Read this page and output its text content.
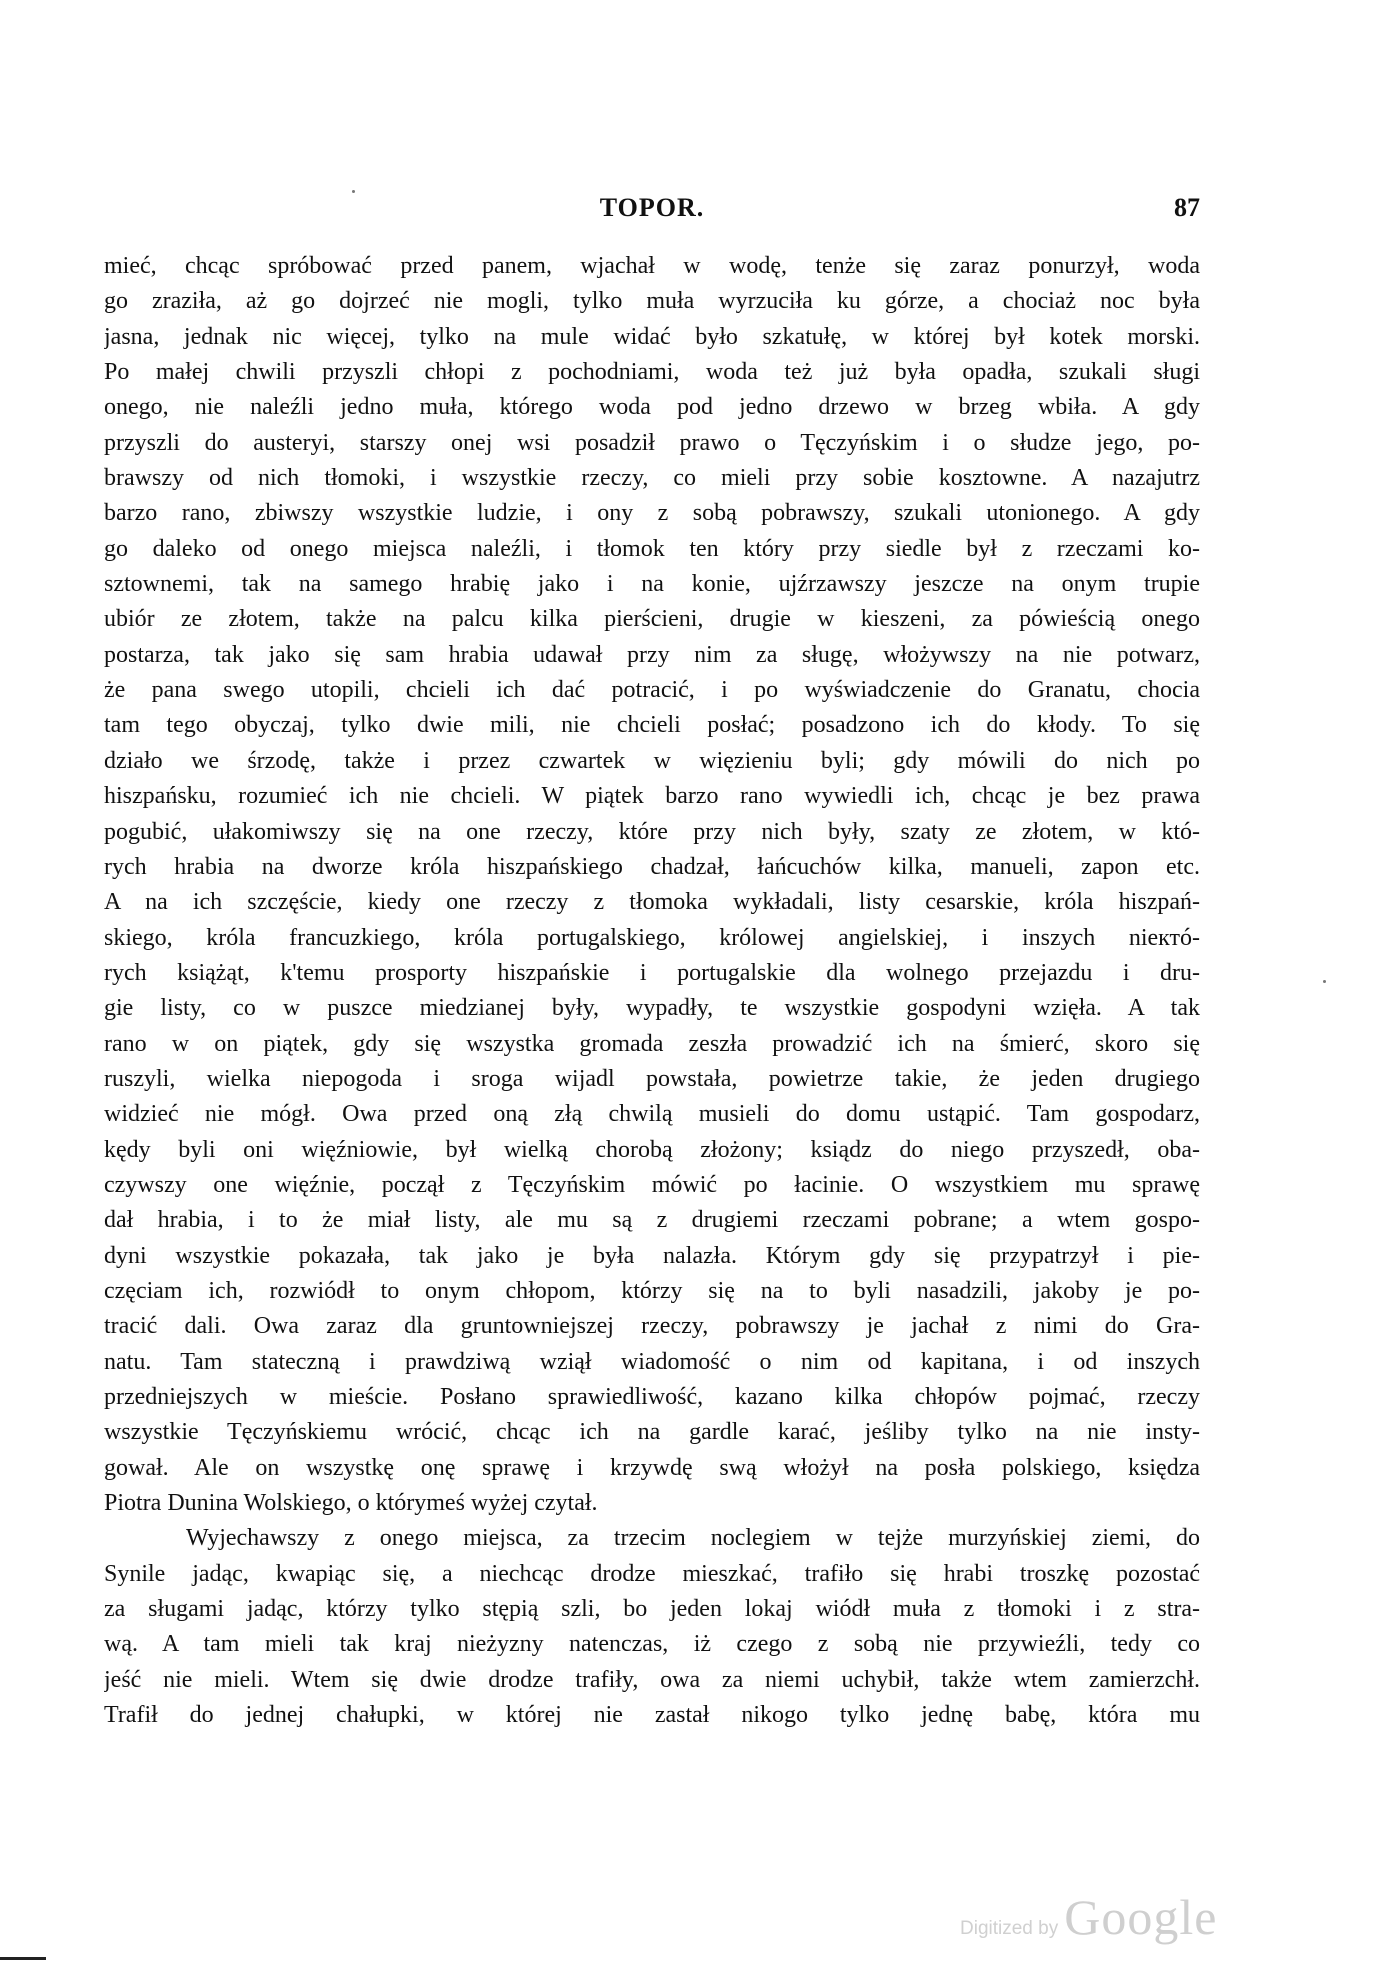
TOPOR.	87
mieć, chcąc spróbować przed panem, wjachał w wodę, tenże się zaraz ponurzył, woda
go zraziła, aż go dojrzeć nie mogli, tylko muła wyrzuciła ku górze, a chociaż noc była
jasna, jednak nic więcej, tylko na mule widać było szkatułę, w której był kotek morski.
Po małej chwili przyszli chłopi z pochodniami, woda też już była opadła, szukali sługi
onego, nie naleźli jedno muła, którego woda pod jedno drzewo w brzeg wbiła. A gdy
przyszli do austeryi, starszy onej wsi posadził prawo o Tęczyńskim i o słudze jego, po-
brawszy od nich tłomoki, i wszystkie rzeczy, co mieli przy sobie kosztowne. A nazajutrz
barzo rano, zbiwszy wszystkie ludzie, i ony z sobą pobrawszy, szukali utonionego. A gdy
go daleko od onego miejsca naleźli, i tłomok ten który przy siedle był z rzeczami ko-
sztownemi, tak na samego hrabię jako i na konie, ujźrzawszy jeszcze na onym trupie
ubiór ze złotem, także na palcu kilka pierścieni, drugie w kieszeni, za pówieścią onego
postarza, tak jako się sam hrabia udawał przy nim za sługę, włożywszy na nie potwarz,
że pana swego utopili, chcieli ich dać potracić, i po wyświadczenie do Granatu, chocia
tam tego obyczaj, tylko dwie mili, nie chcieli posłać; posadzono ich do kłody. To się
działo we śrzodę, także i przez czwartek w więzieniu byli; gdy mówili do nich po
hiszpańsku, rozumieć ich nie chcieli. W piątek barzo rano wywiedli ich, chcąc je bez prawa
pogubić, ułakomiwszy się na one rzeczy, które przy nich były, szaty ze złotem, w któ-
rych hrabia na dworze króla hiszpańskiego chadzał, łańcuchów kilka, manueli, zapon etc.
A na ich szczęście, kiedy one rzeczy z tłomoka wykładali, listy cesarskie, króla hiszpań-
skiego, króla francuzkiego, króla portugalskiego, królowej angielskiej, i inszych nieктó-
rych książąt, k'temu prosporty hiszpańskie i portugalskie dla wolnego przejazdu i dru-
gie listy, co w puszce miedzianej były, wypadły, te wszystkie gospodyni wzięła. A tak
rano w on piątek, gdy się wszystka gromada zeszła prowadzić ich na śmierć, skoro się
ruszyli, wielka niepogoda i sroga wijadl powstała, powietrze takie, że jeden drugiego
widzieć nie mógł. Owa przed oną złą chwilą musieli do domu ustąpić. Tam gospodarz,
kędy byli oni więźniowie, był wielką chorobą złożony; ksiądz do niego przyszedł, oba-
czywszy one więźnie, począł z Tęczyńskim mówić po łacinie. O wszystkiem mu sprawę
dał hrabia, i to że miał listy, ale mu są z drugiemi rzeczami pobrane; a wtem gospo-
dyni wszystkie pokazała, tak jako je była nalazła. Którym gdy się przypatrzył i pie-
częciam ich, rozwiódł to onym chłopom, którzy się na to byli nasadzili, jakoby je po-
tracić dali. Owa zaraz dla gruntowniejszej rzeczy, pobrawszy je jachał z nimi do Gra-
natu. Tam stateczną i prawdziwą wziął wiadomość o nim od kapitana, i od inszych
przedniejszych w mieście. Posłano sprawiedliwość, kazano kilka chłopów pojmać, rzeczy
wszystkie Tęczyńskiemu wrócić, chcąc ich na gardle karać, jeśliby tylko na nie insty-
gował. Ale on wszystkę onę sprawę i krzywdę swą włożył na posła polskiego, księdza
Piotra Dunina Wolskiego, o którymeś wyżej czytał.
Wyjechawszy z onego miejsca, za trzecim noclegiem w tejże murzyńskiej ziemi, do
Synile jadąc, kwapiąc się, a niechcąc drodze mieszkać, trafiło się hrabi troszkę pozostać
za sługami jadąc, którzy tylko stępią szli, bo jeden lokaj wiódł muła z tłomoki i z stra-
wą. A tam mieli tak kraj nieżyzny natenczas, iż czego z sobą nie przywieźli, tedy co
jeść nie mieli. Wtem się dwie drodze trafiły, owa za niemi uchybił, także wtem zamierzchł.
Trafił do jednej chałupki, w której nie zastał nikogo tylko jednę babę, która mu
Digitized by Google
